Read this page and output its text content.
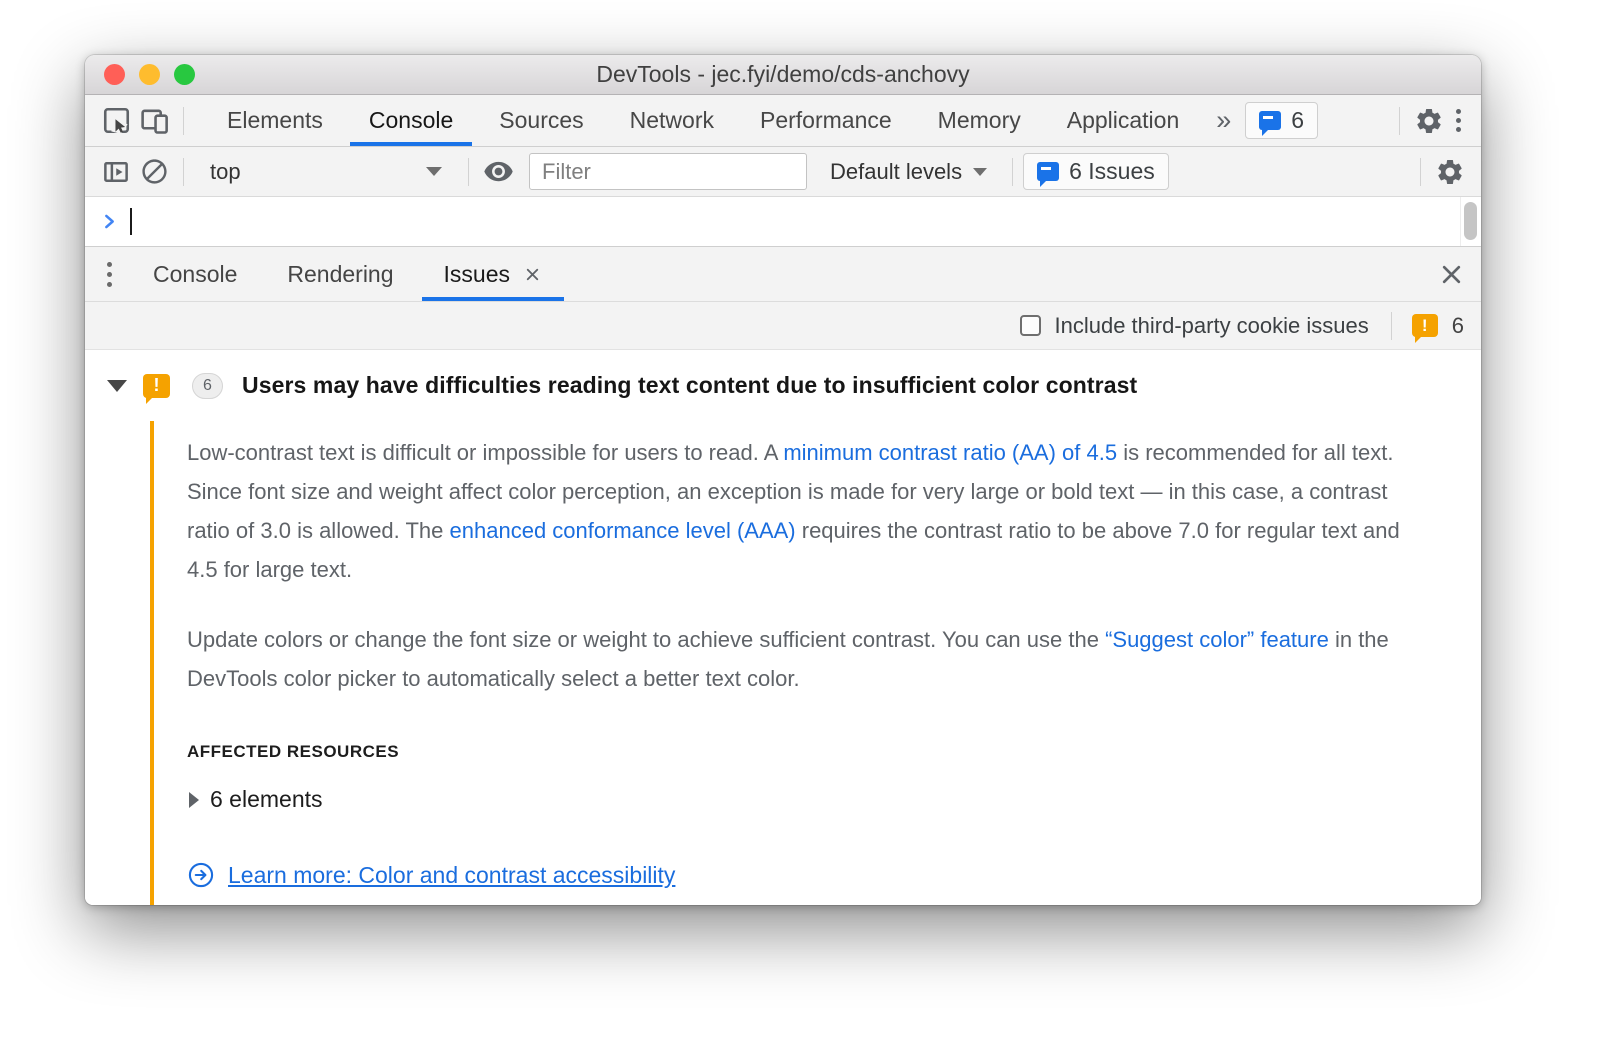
DevTools - jec.fyi/demo/cds-anchovy
Elements Console Sources Network Performance Memory Application	»	6
top
Filter	Default levels	6 Issues
Console Rendering Issues
Include third-party cookie issues	!	6
!	6	Users may have difficulties reading text content due to insufficient color contrast

Low-contrast text is difficult or impossible for users to read. A minimum contrast ratio (AA) of 4.5 is recommended for all text. Since font size and weight affect color perception, an exception is made for very large or bold text — in this case, a contrast ratio of 3.0 is allowed. The enhanced conformance level (AAA) requires the contrast ratio to be above 7.0 for regular text and 4.5 for large text.

Update colors or change the font size or weight to achieve sufficient contrast. You can use the “Suggest color” feature in the DevTools color picker to automatically select a better text color.

AFFECTED RESOURCES
6 elements
Learn more: Color and contrast accessibility
